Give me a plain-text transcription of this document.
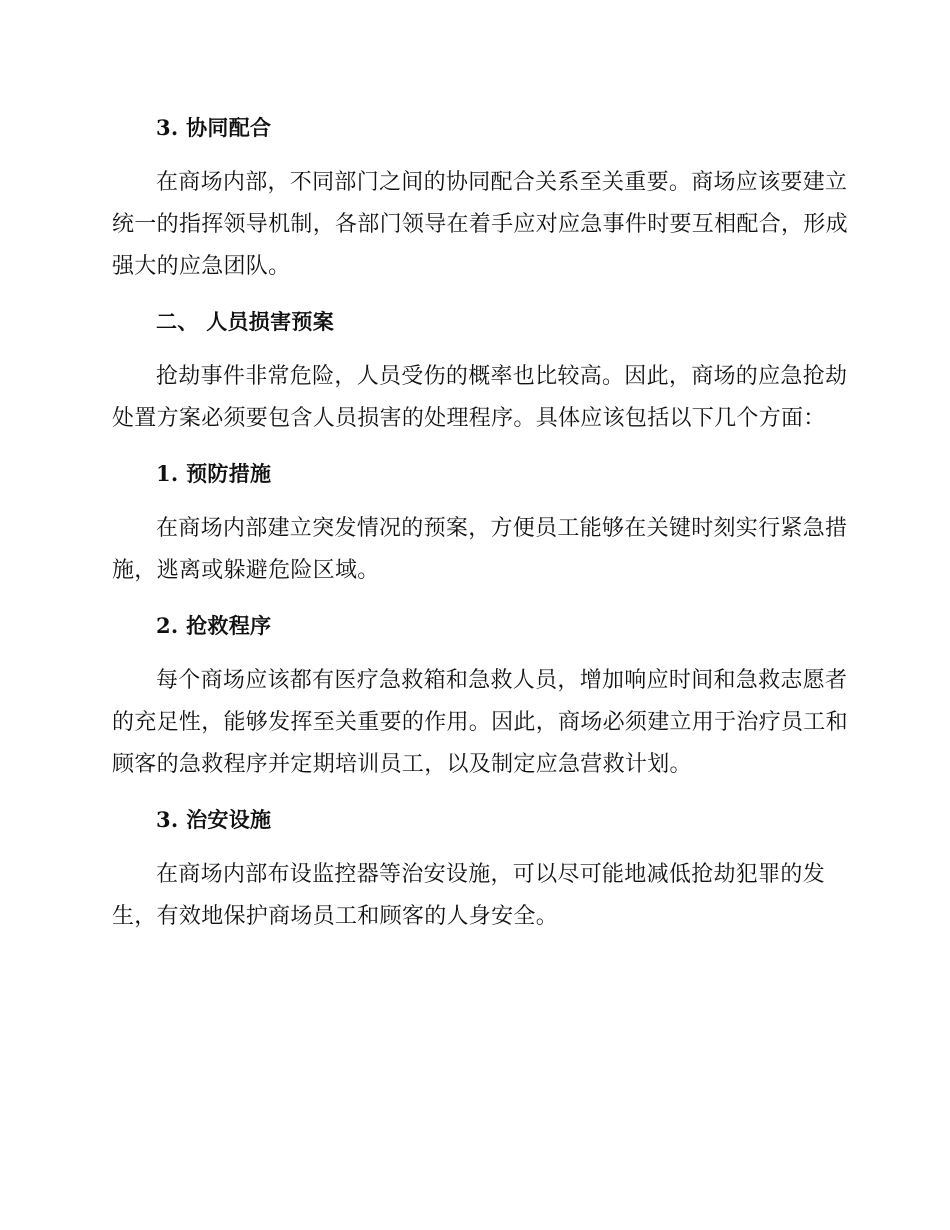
3. 协同配合
在商场内部，不同部门之间的协同配合关系至关重要。商场应该要建立
统一的指挥领导机制，各部门领导在着手应对应急事件时要互相配合，形成
强大的应急团队。
二、 人员损害预案
抢劫事件非常危险，人员受伤的概率也比较高。因此，商场的应急抢劫
处置方案必须要包含人员损害的处理程序。具体应该包括以下几个方面：
1. 预防措施
在商场内部建立突发情况的预案，方便员工能够在关键时刻实行紧急措
施，逃离或躲避危险区域。
2. 抢救程序
每个商场应该都有医疗急救箱和急救人员，增加响应时间和急救志愿者
的充足性，能够发挥至关重要的作用。因此，商场必须建立用于治疗员工和
顾客的急救程序并定期培训员工，以及制定应急营救计划。
3. 治安设施
在商场内部布设监控器等治安设施，可以尽可能地减低抢劫犯罪的发
生，有效地保护商场员工和顾客的人身安全。
